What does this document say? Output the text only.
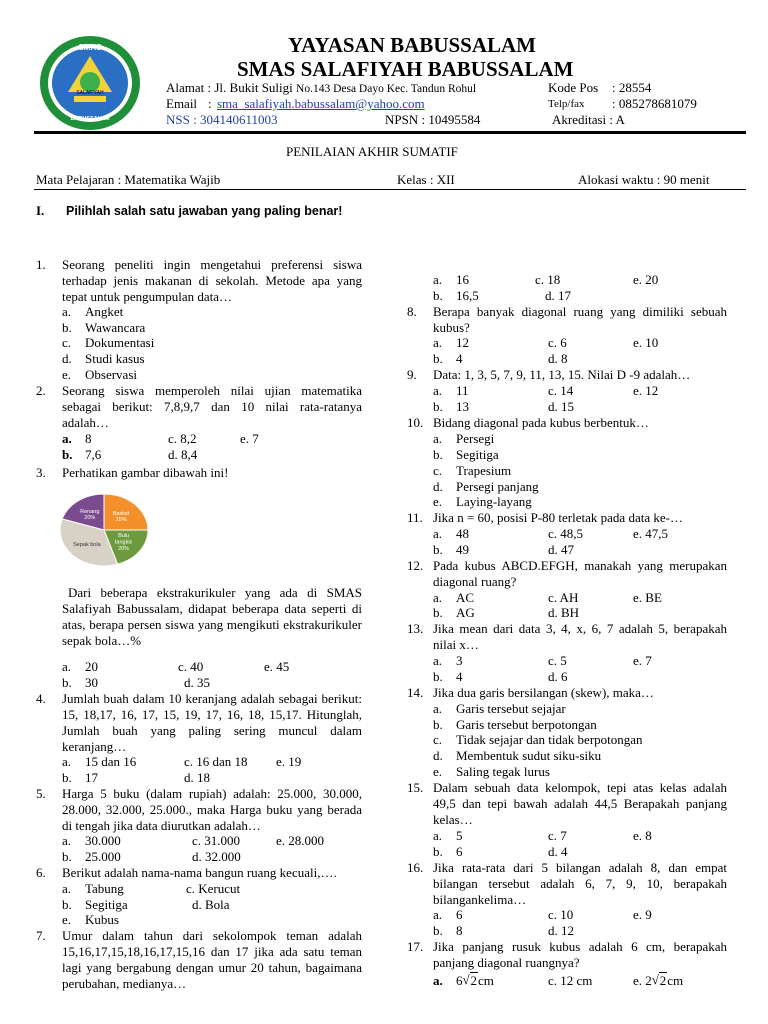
SMAS
SALAFIYAH
BABUSSALAM
YAYASAN BABUSSALAM
SMAS SALAFIYAH BABUSSALAM
Alamat : Jl. Bukit Suligi No.143 Desa Dayo Kec. Tandun Rohul	Kode Pos : 28554
Email : sma_salafiyah.babussalam@yahoo.com	Telp/fax : 085278681079
NSS : 304140611003	NPSN : 10495584	Akreditasi : A
PENILAIAN AKHIR SUMATIF
Mata Pelajaran : Matematika Wajib	Kelas : XII	Alokasi waktu : 90 menit
I. Pilihlah salah satu jawaban yang paling benar!
1. Seorang peneliti ingin mengetahui preferensi siswa terhadap jenis makanan di sekolah. Metode apa yang tepat untuk pengumpulan data…
a. Angket
b. Wawancara
c. Dokumentasi
d. Studi kasus
e. Observasi
2. Seorang siswa memperoleh nilai ujian matematika sebagai berikut: 7,8,9,7 dan 10 nilai rata-ratanya adalah…
a. 8	c. 8,2	e. 7
b. 7,6	d. 8,4
3. Perhatikan gambar dibawah ini!
Basket 25%
Bulu tangkis 20%
Sepak bola
Renang 20%
Dari beberapa ekstrakurikuler yang ada di SMAS Salafiyah Babussalam, didapat beberapa data seperti di atas, berapa persen siswa yang mengikuti ekstrakurikuler sepak bola…%
a. 20	c. 40	e. 45
b. 30	d. 35
4. Jumlah buah dalam 10 keranjang adalah sebagai berikut: 15, 18,17, 16, 17, 15, 19, 17, 16, 18, 15,17. Hitunglah, Jumlah buah yang paling sering muncul dalam keranjang…
a. 15 dan 16	c. 16 dan 18 e. 19
b. 17	d. 18
5. Harga 5 buku (dalam rupiah) adalah: 25.000, 30.000, 28.000, 32.000, 25.000., maka Harga buku yang berada di tengah jika data diurutkan adalah…
a. 30.000	c. 31.000	e. 28.000
b. 25.000	d. 32.000
6. Berikut adalah nama-nama bangun ruang kecuali,….
a. Tabung	c. Kerucut
b. Segitiga	d. Bola
e. Kubus
7. Umur dalam tahun dari sekolompok teman adalah 15,16,17,15,18,16,17,15,16 dan 17 jika ada satu teman lagi yang bergabung dengan umur 20 tahun, bagaimana perubahan, medianya…
a. 16	c. 18	e. 20
b. 16,5	d. 17
8. Berapa banyak diagonal ruang yang dimiliki sebuah kubus?
a. 12	c. 6	e. 10
b. 4	d. 8
9. Data: 1, 3, 5, 7, 9, 11, 13, 15. Nilai D -9 adalah…
a. 11	c. 14	e. 12
b. 13	d. 15
10. Bidang diagonal pada kubus berbentuk…
a. Persegi
b. Segitiga
c. Trapesium
d. Persegi panjang
e. Laying-layang
11. Jika n = 60, posisi P-80 terletak pada data ke-…
a. 48	c. 48,5	e. 47,5
b. 49	d. 47
12. Pada kubus ABCD.EFGH, manakah yang merupakan diagonal ruang?
a. AC	c. AH	e. BE
b. AG	d. BH
13. Jika mean dari data 3, 4, x, 6, 7 adalah 5, berapakah nilai x…
a. 3	c. 5	e. 7
b. 4	d. 6
14. Jika dua garis bersilangan (skew), maka…
a. Garis tersebut sejajar
b. Garis tersebut berpotongan
c. Tidak sejajar dan tidak berpotongan
d. Membentuk sudut siku-siku
e. Saling tegak lurus
15. Dalam sebuah data kelompok, tepi atas kelas adalah 49,5 dan tepi bawah adalah 44,5 Berapakah panjang kelas…
a. 5	c. 7	e. 8
b. 6	d. 4
16. Jika rata-rata dari 5 bilangan adalah 8, dan empat bilangan tersebut adalah 6, 7, 9, 10, berapakah bilangankelima…
a. 6	c. 10	e. 9
b. 8	d. 12
17. Jika panjang rusuk kubus adalah 6 cm, berapakah panjang diagonal ruangnya?
a. 6 √ 2cm	c. 12 cm	e. 2 √ 2cm
